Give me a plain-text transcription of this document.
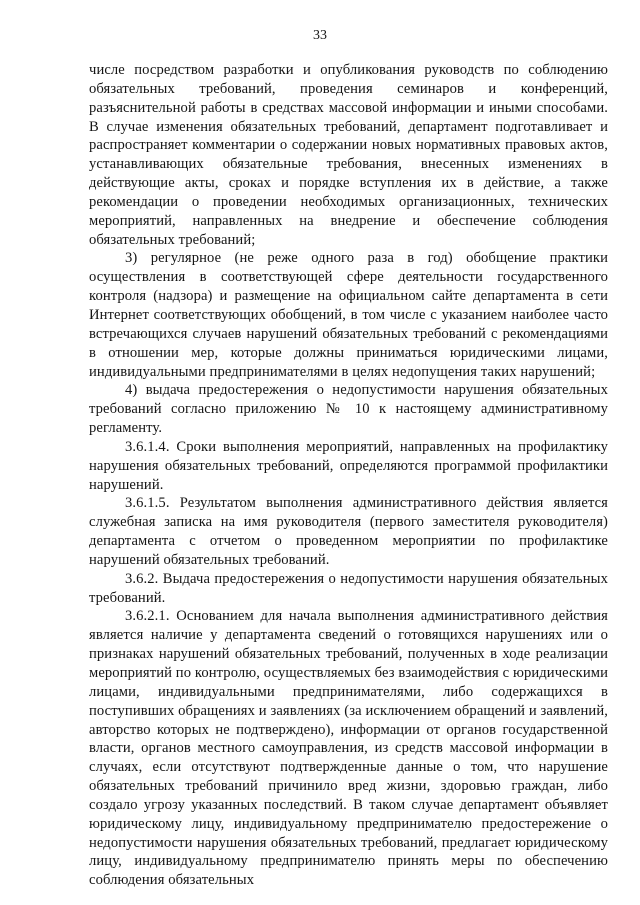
33

числе посредством разработки и опубликования руководств по соблюдению обязательных требований, проведения семинаров и конференций, разъяснительной работы в средствах массовой информации и иными способами. В случае изменения обязательных требований, департамент подготавливает и распространяет комментарии о содержании новых нормативных правовых актов, устанавливающих обязательные требования, внесенных изменениях в действующие акты, сроках и порядке вступления их в действие, а также рекомендации о проведении необходимых организационных, технических мероприятий, направленных на внедрение и обеспечение соблюдения обязательных требований;

3) регулярное (не реже одного раза в год) обобщение практики осуществления в соответствующей сфере деятельности государственного контроля (надзора) и размещение на официальном сайте департамента в сети Интернет соответствующих обобщений, в том числе с указанием наиболее часто встречающихся случаев нарушений обязательных требований с рекомендациями в отношении мер, которые должны приниматься юридическими лицами, индивидуальными предпринимателями в целях недопущения таких нарушений;

4) выдача предостережения о недопустимости нарушения обязательных требований согласно приложению № 10 к настоящему административному регламенту.

3.6.1.4. Сроки выполнения мероприятий, направленных на профилактику нарушения обязательных требований, определяются программой профилактики нарушений.

3.6.1.5. Результатом выполнения административного действия является служебная записка на имя руководителя (первого заместителя руководителя) департамента с отчетом о проведенном мероприятии по профилактике нарушений обязательных требований.

3.6.2. Выдача предостережения о недопустимости нарушения обязательных требований.

3.6.2.1. Основанием для начала выполнения административного действия является наличие у департамента сведений о готовящихся нарушениях или о признаках нарушений обязательных требований, полученных в ходе реализации мероприятий по контролю, осуществляемых без взаимодействия с юридическими лицами, индивидуальными предпринимателями, либо содержащихся в поступивших обращениях и заявлениях (за исключением обращений и заявлений, авторство которых не подтверждено), информации от органов государственной власти, органов местного самоуправления, из средств массовой информации в случаях, если отсутствуют подтвержденные данные о том, что нарушение обязательных требований причинило вред жизни, здоровью граждан, либо создало угрозу указанных последствий. В таком случае департамент объявляет юридическому лицу, индивидуальному предпринимателю предостережение о недопустимости нарушения обязательных требований, предлагает юридическому лицу, индивидуальному предпринимателю принять меры по обеспечению соблюдения обязательных
